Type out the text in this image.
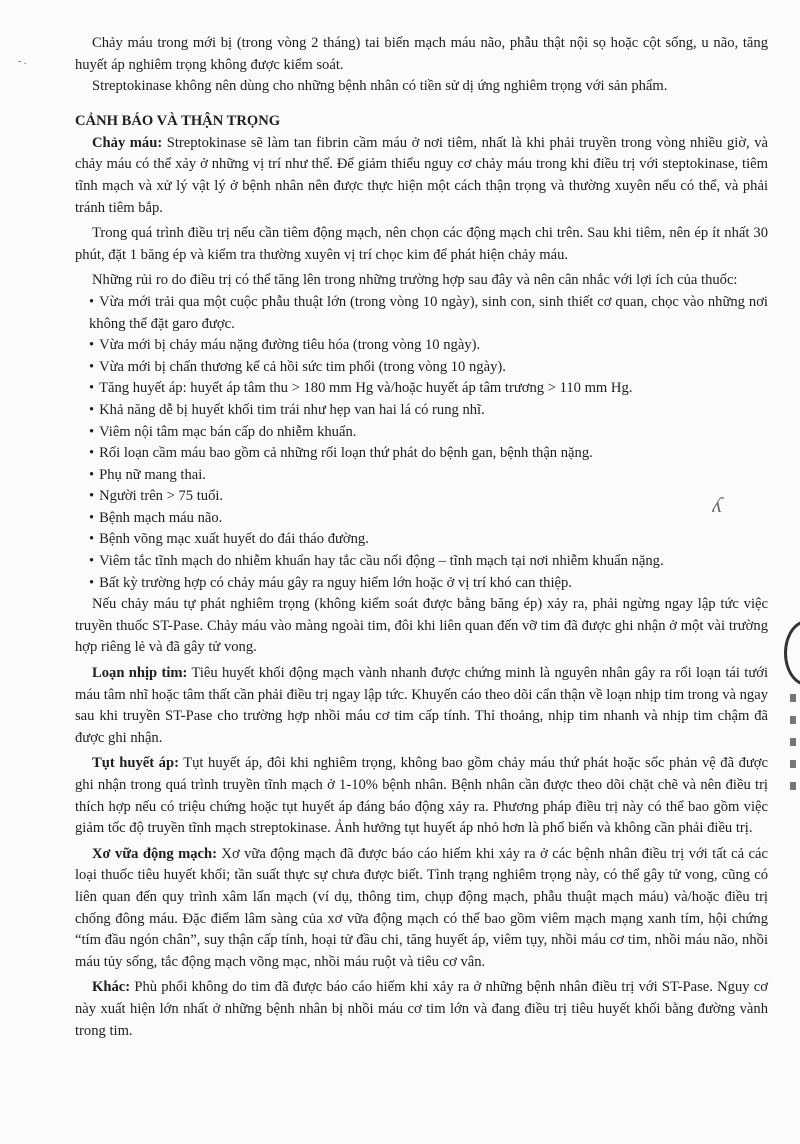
- .
ʎ

Chảy máu trong mới bị (trong vòng 2 tháng) tai biến mạch máu não, phẫu thật nội sọ hoặc cột sống, u não, tăng huyết áp nghiêm trọng không được kiểm soát.

Streptokinase không nên dùng cho những bệnh nhân có tiền sử dị ứng nghiêm trọng với sản phẩm.

CẢNH BÁO VÀ THẬN TRỌNG

Chảy máu: Streptokinase sẽ làm tan fibrin cầm máu ở nơi tiêm, nhất là khi phải truyền trong vòng nhiều giờ, và chảy máu có thể xảy ở những vị trí như thế. Để giảm thiểu nguy cơ chảy máu trong khi điều trị với steptokinase, tiêm tĩnh mạch và xử lý vật lý ở bệnh nhân nên được thực hiện một cách thận trọng và thường xuyên nếu có thể, và phải tránh tiêm bắp.

Trong quá trình điều trị nếu cần tiêm động mạch, nên chọn các động mạch chi trên. Sau khi tiêm, nên ép ít nhất 30 phút, đặt 1 băng ép và kiểm tra thường xuyên vị trí chọc kim để phát hiện chảy máu.

Những rủi ro do điều trị có thể tăng lên trong những trường hợp sau đây và nên cân nhắc với lợi ích của thuốc:

• Vừa mới trải qua một cuộc phẫu thuật lớn (trong vòng 10 ngày), sinh con, sinh thiết cơ quan, chọc vào những nơi không thể đặt garo được.

• Vừa mới bị chảy máu nặng đường tiêu hóa (trong vòng 10 ngày).

• Vừa mới bị chấn thương kể cả hồi sức tim phổi (trong vòng 10 ngày).

• Tăng huyết áp: huyết áp tâm thu > 180 mm Hg và/hoặc huyết áp tâm trương > 110 mm Hg.

• Khả năng dễ bị huyết khối tim trái như hẹp van hai lá có rung nhĩ.

• Viêm nội tâm mạc bán cấp do nhiễm khuẩn.

• Rối loạn cầm máu bao gồm cả những rối loạn thứ phát do bệnh gan, bệnh thận nặng.

• Phụ nữ mang thai.

• Người trên > 75 tuổi.

• Bệnh mạch máu não.

• Bệnh võng mạc xuất huyết do đái tháo đường.

• Viêm tắc tĩnh mạch do nhiễm khuẩn hay tắc cầu nối động – tĩnh mạch tại nơi nhiễm khuẩn nặng.

• Bất kỳ trường hợp có chảy máu gây ra nguy hiểm lớn hoặc ở vị trí khó can thiệp.

Nếu chảy máu tự phát nghiêm trọng (không kiểm soát được bằng băng ép) xảy ra, phải ngừng ngay lập tức việc truyền thuốc ST-Pase. Chảy máu vào màng ngoài tim, đôi khi liên quan đến vỡ tim đã được ghi nhận ở một vài trường hợp riêng lẻ và đã gây tử vong.

Loạn nhịp tim: Tiêu huyết khối động mạch vành nhanh được chứng minh là nguyên nhân gây ra rối loạn tái tưới máu tâm nhĩ hoặc tâm thất cần phải điều trị ngay lập tức. Khuyến cáo theo dõi cẩn thận về loạn nhịp tim trong và ngay sau khi truyền ST-Pase cho trường hợp nhồi máu cơ tim cấp tính. Thỉ thoảng, nhịp tim nhanh và nhịp tim chậm đã được ghi nhận.

Tụt huyết áp: Tụt huyết áp, đôi khi nghiêm trọng, không bao gồm chảy máu thứ phát hoặc sốc phản vệ đã được ghi nhận trong quá trình truyền tĩnh mạch ở 1-10% bệnh nhân. Bệnh nhân cần được theo dõi chặt chẽ và nên điều trị thích hợp nếu có triệu chứng hoặc tụt huyết áp đáng báo động xảy ra. Phương pháp điều trị này có thể bao gồm việc giảm tốc độ truyền tĩnh mạch streptokinase. Ảnh hưởng tụt huyết áp nhỏ hơn là phổ biến và không cần phải điều trị.

Xơ vữa động mạch: Xơ vữa động mạch đã được báo cáo hiếm khi xảy ra ở các bệnh nhân điều trị với tất cả các loại thuốc tiêu huyết khối; tần suất thực sự chưa được biết. Tình trạng nghiêm trọng này, có thể gây tử vong, cũng có liên quan đến quy trình xâm lấn mạch (ví dụ, thông tim, chụp động mạch, phẫu thuật mạch máu) và/hoặc điều trị chống đông máu. Đặc điểm lâm sàng của xơ vữa động mạch có thể bao gồm viêm mạch mạng xanh tím, hội chứng “tím đầu ngón chân”, suy thận cấp tính, hoại tử đầu chi, tăng huyết áp, viêm tụy, nhồi máu cơ tim, nhồi máu não, nhồi máu tủy sống, tắc động mạch võng mạc, nhồi máu ruột và tiêu cơ vân.

Khác: Phù phổi không do tim đã được báo cáo hiếm khi xảy ra ở những bệnh nhân điều trị với ST-Pase. Nguy cơ này xuất hiện lớn nhất ở những bệnh nhân bị nhồi máu cơ tim lớn và đang điều trị tiêu huyết khối bằng đường vành trong tim.
